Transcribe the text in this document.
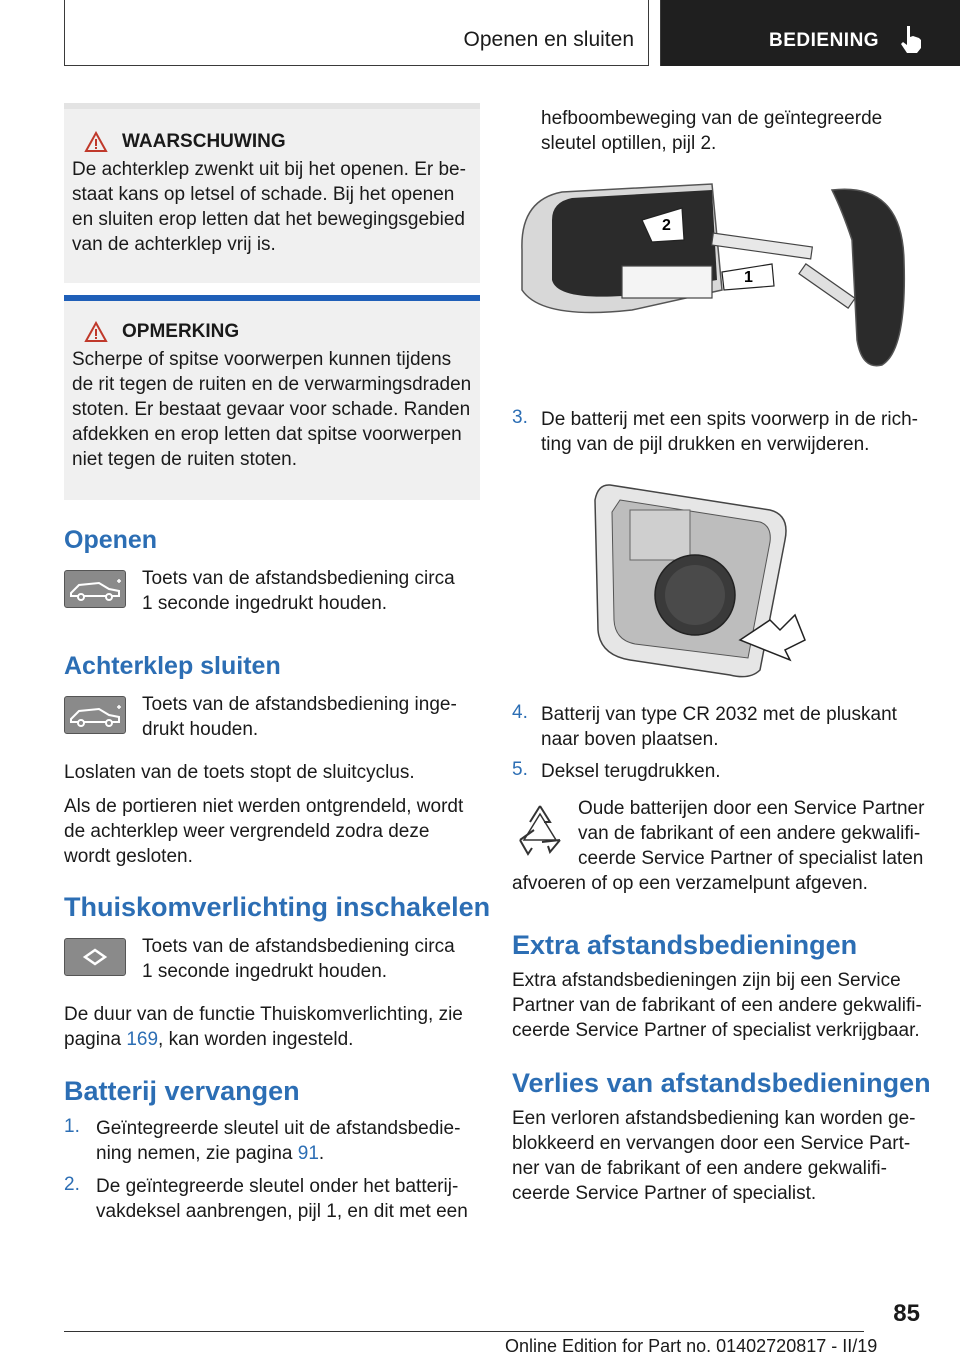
Openen en sluiten	BEDIENING
WAARSCHUWING
De achterklep zwenkt uit bij het openen. Er be-
staat kans op letsel of schade. Bij het openen
en sluiten erop letten dat het bewegingsgebied
van de achterklep vrij is.
OPMERKING
Scherpe of spitse voorwerpen kunnen tijdens
de rit tegen de ruiten en de verwarmingsdraden
stoten. Er bestaat gevaar voor schade. Randen
afdekken en erop letten dat spitse voorwerpen
niet tegen de ruiten stoten.
Openen
Toets van de afstandsbediening circa
1 seconde ingedrukt houden.
Achterklep sluiten
Toets van de afstandsbediening inge-
drukt houden.
Loslaten van de toets stopt de sluitcyclus.
Als de portieren niet werden ontgrendeld, wordt
de achterklep weer vergrendeld zodra deze
wordt gesloten.
Thuiskomverlichting inschakelen
Toets van de afstandsbediening circa
1 seconde ingedrukt houden.
De duur van de functie Thuiskomverlichting, zie
pagina 169, kan worden ingesteld.
Batterij vervangen
1. Geïntegreerde sleutel uit de afstandsbedie-
ning nemen, zie pagina 91.
2. De geïntegreerde sleutel onder het batterij-
vakdeksel aanbrengen, pijl 1, en dit met een
hefboombeweging van de geïntegreerde
sleutel optillen, pijl 2.
2
1
3. De batterij met een spits voorwerp in de rich-
ting van de pijl drukken en verwijderen.
4. Batterij van type CR 2032 met de pluskant
naar boven plaatsen.
5. Deksel terugdrukken.
Oude batterijen door een Service Partner
van de fabrikant of een andere gekwalifi-
ceerde Service Partner of specialist laten
afvoeren of op een verzamelpunt afgeven.
Extra afstandsbedieningen
Extra afstandsbedieningen zijn bij een Service
Partner van de fabrikant of een andere gekwalifi-
ceerde Service Partner of specialist verkrijgbaar.
Verlies van afstandsbedieningen
Een verloren afstandsbediening kan worden ge-
blokkeerd en vervangen door een Service Part-
ner van de fabrikant of een andere gekwalifi-
ceerde Service Partner of specialist.
85
Online Edition for Part no. 01402720817 - II/19
